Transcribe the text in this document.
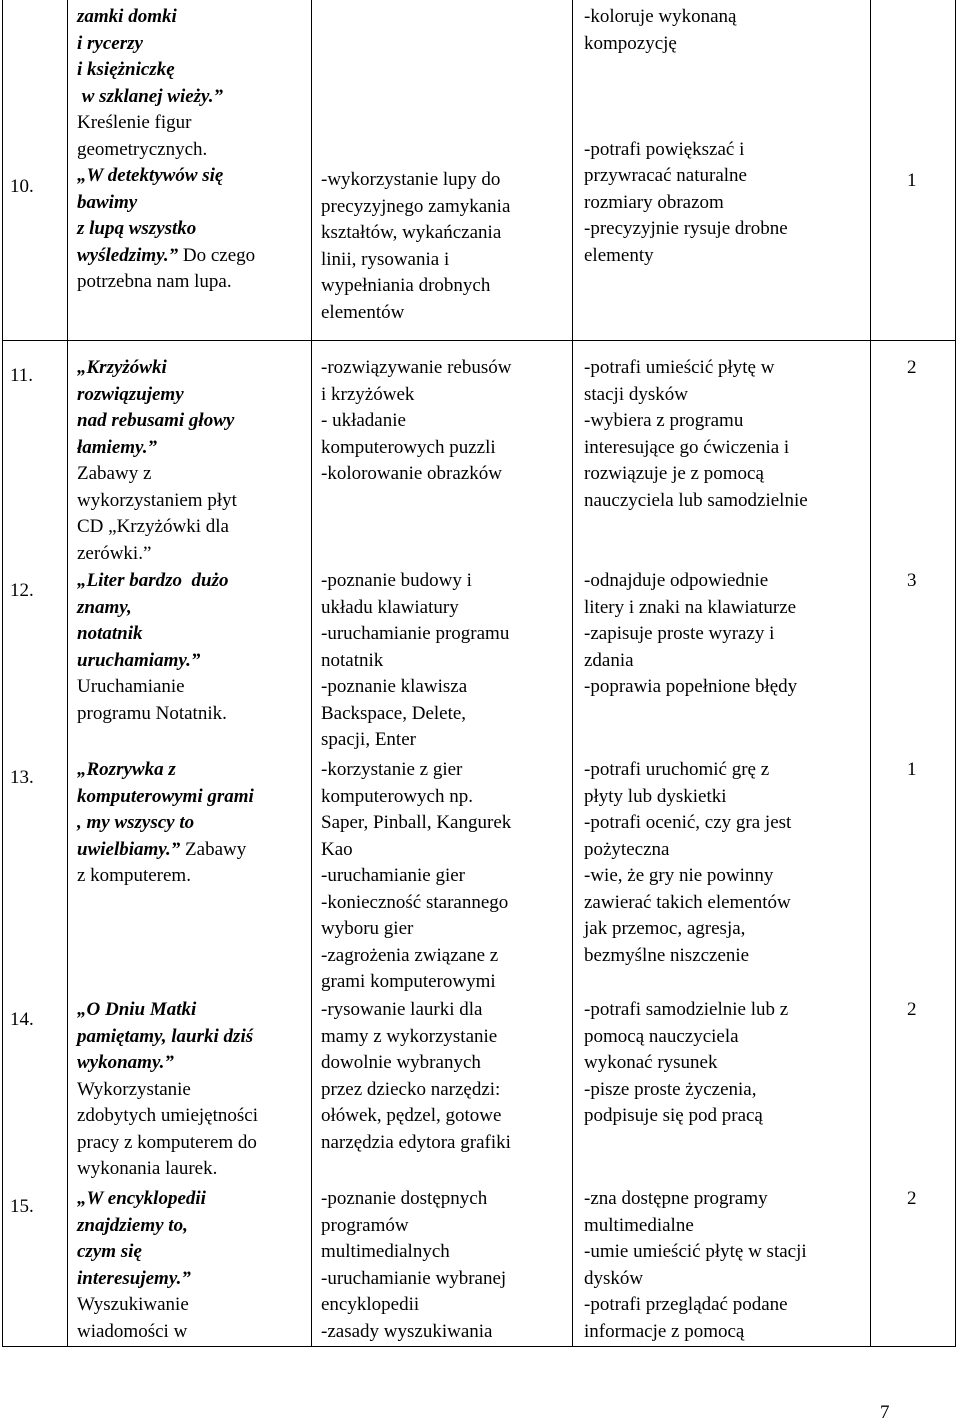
10.
zamki domki
i rycerzy
i księżniczkę
w szklanej wieży.”
Kreślenie figur
geometrycznych.
„W detektywów się
bawimy
z lupą wszystko
wyśledzimy.” Do czego
potrzebna nam lupa.
-wykorzystanie lupy do
precyzyjnego zamykania
kształtów, wykańczania
linii, rysowania i
wypełniania drobnych
elementów
-koloruje wykonaną
kompozycję

-potrafi powiększać i
przywracać naturalne
rozmiary obrazom
-precyzyjnie rysuje drobne
elementy
1
11. „Krzyżówki
rozwiązujemy
nad rebusami głowy
łamiemy.”
Zabawy z
wykorzystaniem płyt
CD „Krzyżówki dla
zerówki.”
-rozwiązywanie rebusów
i krzyżówek
- układanie
komputerowych puzzli
-kolorowanie obrazków
-potrafi umieścić płytę w
stacji dysków
-wybiera z programu
interesujące go ćwiczenia i
rozwiązuje je z pomocą
nauczyciela lub samodzielnie
2
12. „Liter bardzo  dużo
znamy,
notatnik
uruchamiamy.”
Uruchamianie
programu Notatnik.
-poznanie budowy i
układu klawiatury
-uruchamianie programu
notatnik
-poznanie klawisza
Backspace, Delete,
spacji, Enter
-odnajduje odpowiednie
litery i znaki na klawiaturze
-zapisuje proste wyrazy i
zdania
-poprawia popełnione błędy
3
13. „Rozrywka z
komputerowymi grami
, my wszyscy to
uwielbiamy.” Zabawy
z komputerem.
-korzystanie z gier
komputerowych np.
Saper, Pinball, Kangurek
Kao
-uruchamianie gier
-konieczność starannego
wyboru gier
-zagrożenia związane z
grami komputerowymi
-potrafi uruchomić grę z
płyty lub dyskietki
-potrafi ocenić, czy gra jest
pożyteczna
-wie, że gry nie powinny
zawierać takich elementów
jak przemoc, agresja,
bezmyślne niszczenie
1
14. „O Dniu Matki
pamiętamy, laurki dziś
wykonamy.”
Wykorzystanie
zdobytych umiejętności
pracy z komputerem do
wykonania laurek.
-rysowanie laurki dla
mamy z wykorzystanie
dowolnie wybranych
przez dziecko narzędzi:
ołówek, pędzel, gotowe
narzędzia edytora grafiki
-potrafi samodzielnie lub z
pomocą nauczyciela
wykonać rysunek
-pisze proste życzenia,
podpisuje się pod pracą
2
15. „W encyklopedii
znajdziemy to,
czym się
interesujemy.”
Wyszukiwanie
wiadomości w
-poznanie dostępnych
programów
multimedialnych
-uruchamianie wybranej
encyklopedii
-zasady wyszukiwania
-zna dostępne programy
multimedialne
-umie umieścić płytę w stacji
dysków
-potrafi przeglądać podane
informacje z pomocą
2
7
